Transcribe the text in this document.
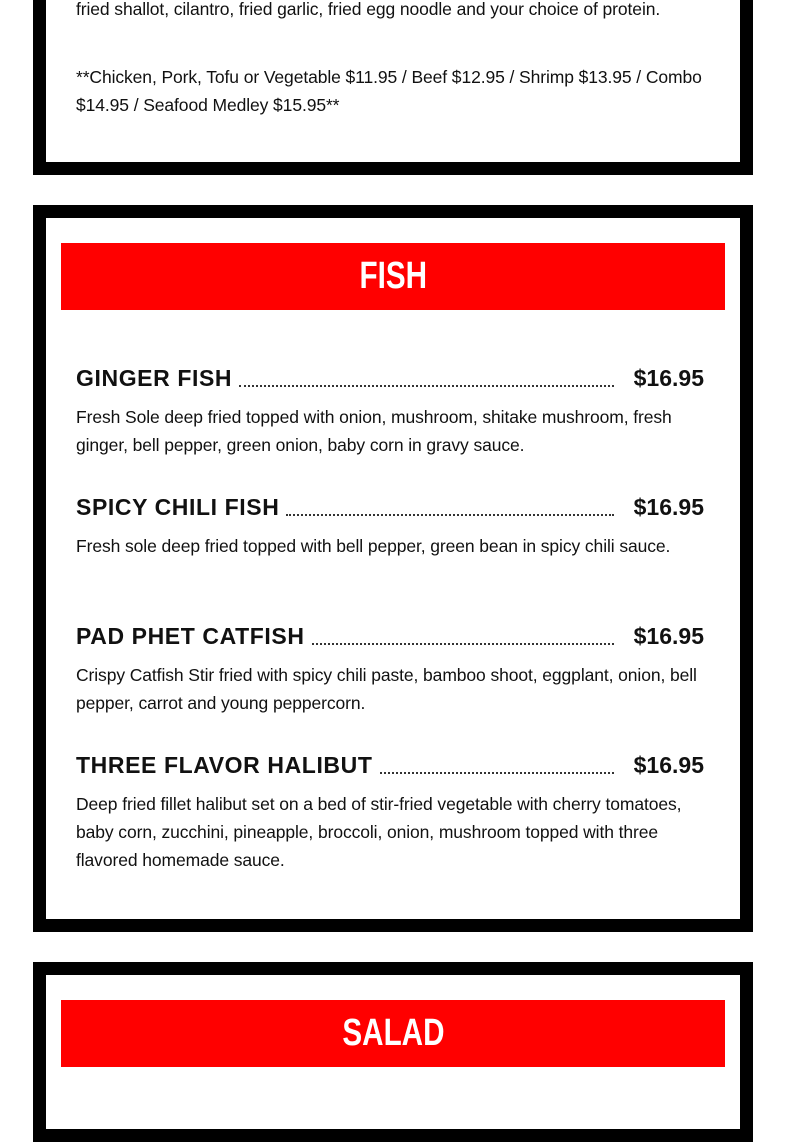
fried shallot, cilantro, fried garlic, fried egg noodle and your choice of protein.
**Chicken, Pork, Tofu or Vegetable $11.95 / Beef $12.95 / Shrimp $13.95 / Combo $14.95 / Seafood Medley $15.95**
FISH
GINGER FISH	$16.95
Fresh Sole deep fried topped with onion, mushroom, shitake mushroom, fresh ginger, bell pepper, green onion, baby corn in gravy sauce.
SPICY CHILI FISH	$16.95
Fresh sole deep fried topped with bell pepper, green bean in spicy chili sauce.
PAD PHET CATFISH	$16.95
Crispy Catfish Stir fried with spicy chili paste, bamboo shoot, eggplant, onion, bell pepper, carrot and young peppercorn.
THREE FLAVOR HALIBUT	$16.95
Deep fried fillet halibut set on a bed of stir-fried vegetable with cherry tomatoes, baby corn, zucchini, pineapple, broccoli, onion, mushroom topped with three flavored homemade sauce.
SALAD
